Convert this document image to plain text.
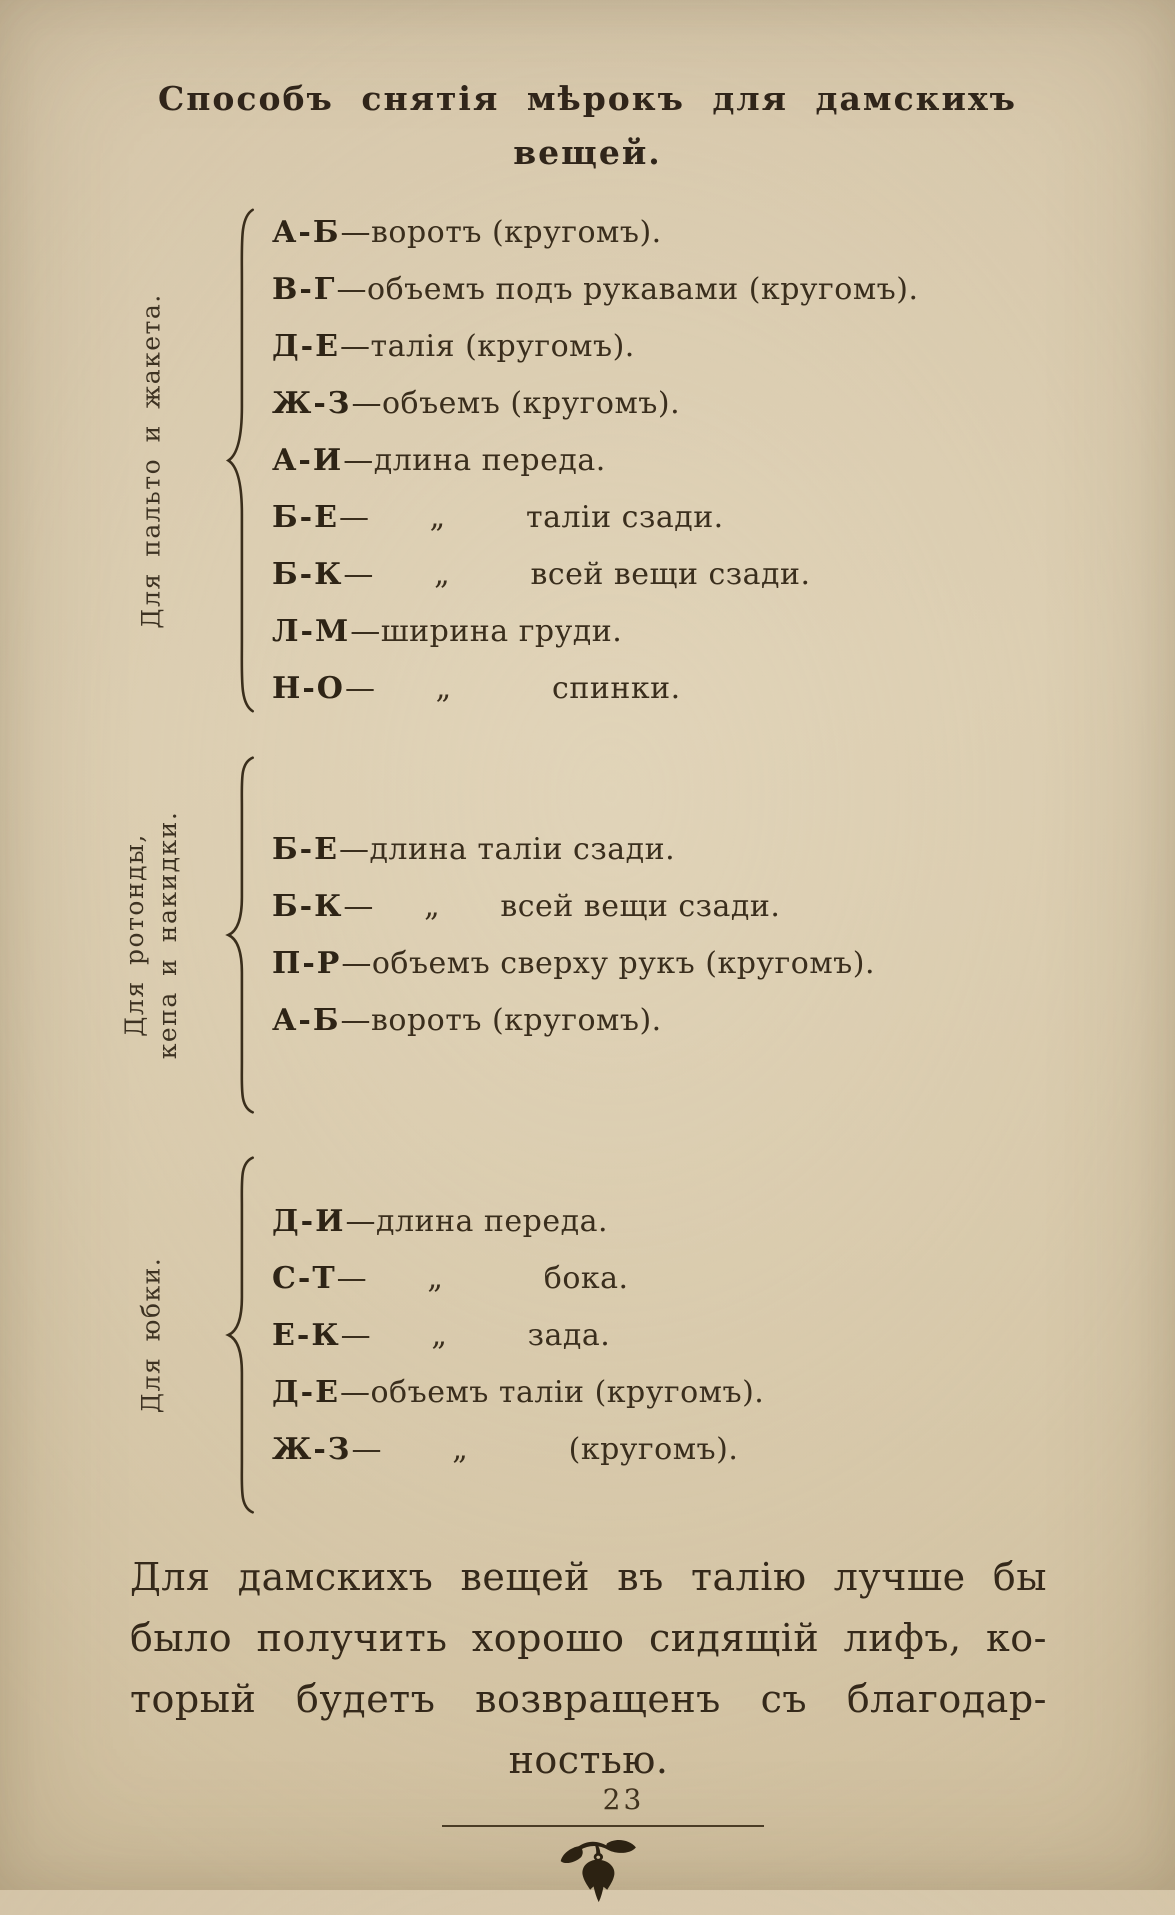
Способъ снятія мѣрокъ для дамскихъ
вещей.
Для пальто и жакета.
А-Б—воротъ (кругомъ).
В-Г—объемъ подъ рукавами (кругомъ).
Д-Е—талія (кругомъ).
Ж-З—объемъ (кругомъ).
А-И—длина переда.
Б-Е—      „        таліи сзади.
Б-К—      „        всей вещи сзади.
Л-М—ширина груди.
Н-О—      „          спинки.
Для ротонды, кепа и накидки.	Б-Е—длина таліи сзади.
Б-К—     „      всей вещи сзади.
П-Р—объемъ сверху рукъ (кругомъ).
А-Б—воротъ (кругомъ).
Для юбки.
Д-И—длина переда.
С-Т—      „          бока.
Е-К—      „        зада.
Д-Е—объемъ таліи (кругомъ).
Ж-З—       „          (кругомъ).
Для дамскихъ вещей въ талію лучше бы
было получить хорошо сидящій лифъ, ко-
торый будетъ возвращенъ съ благодар-
ностью.
23
